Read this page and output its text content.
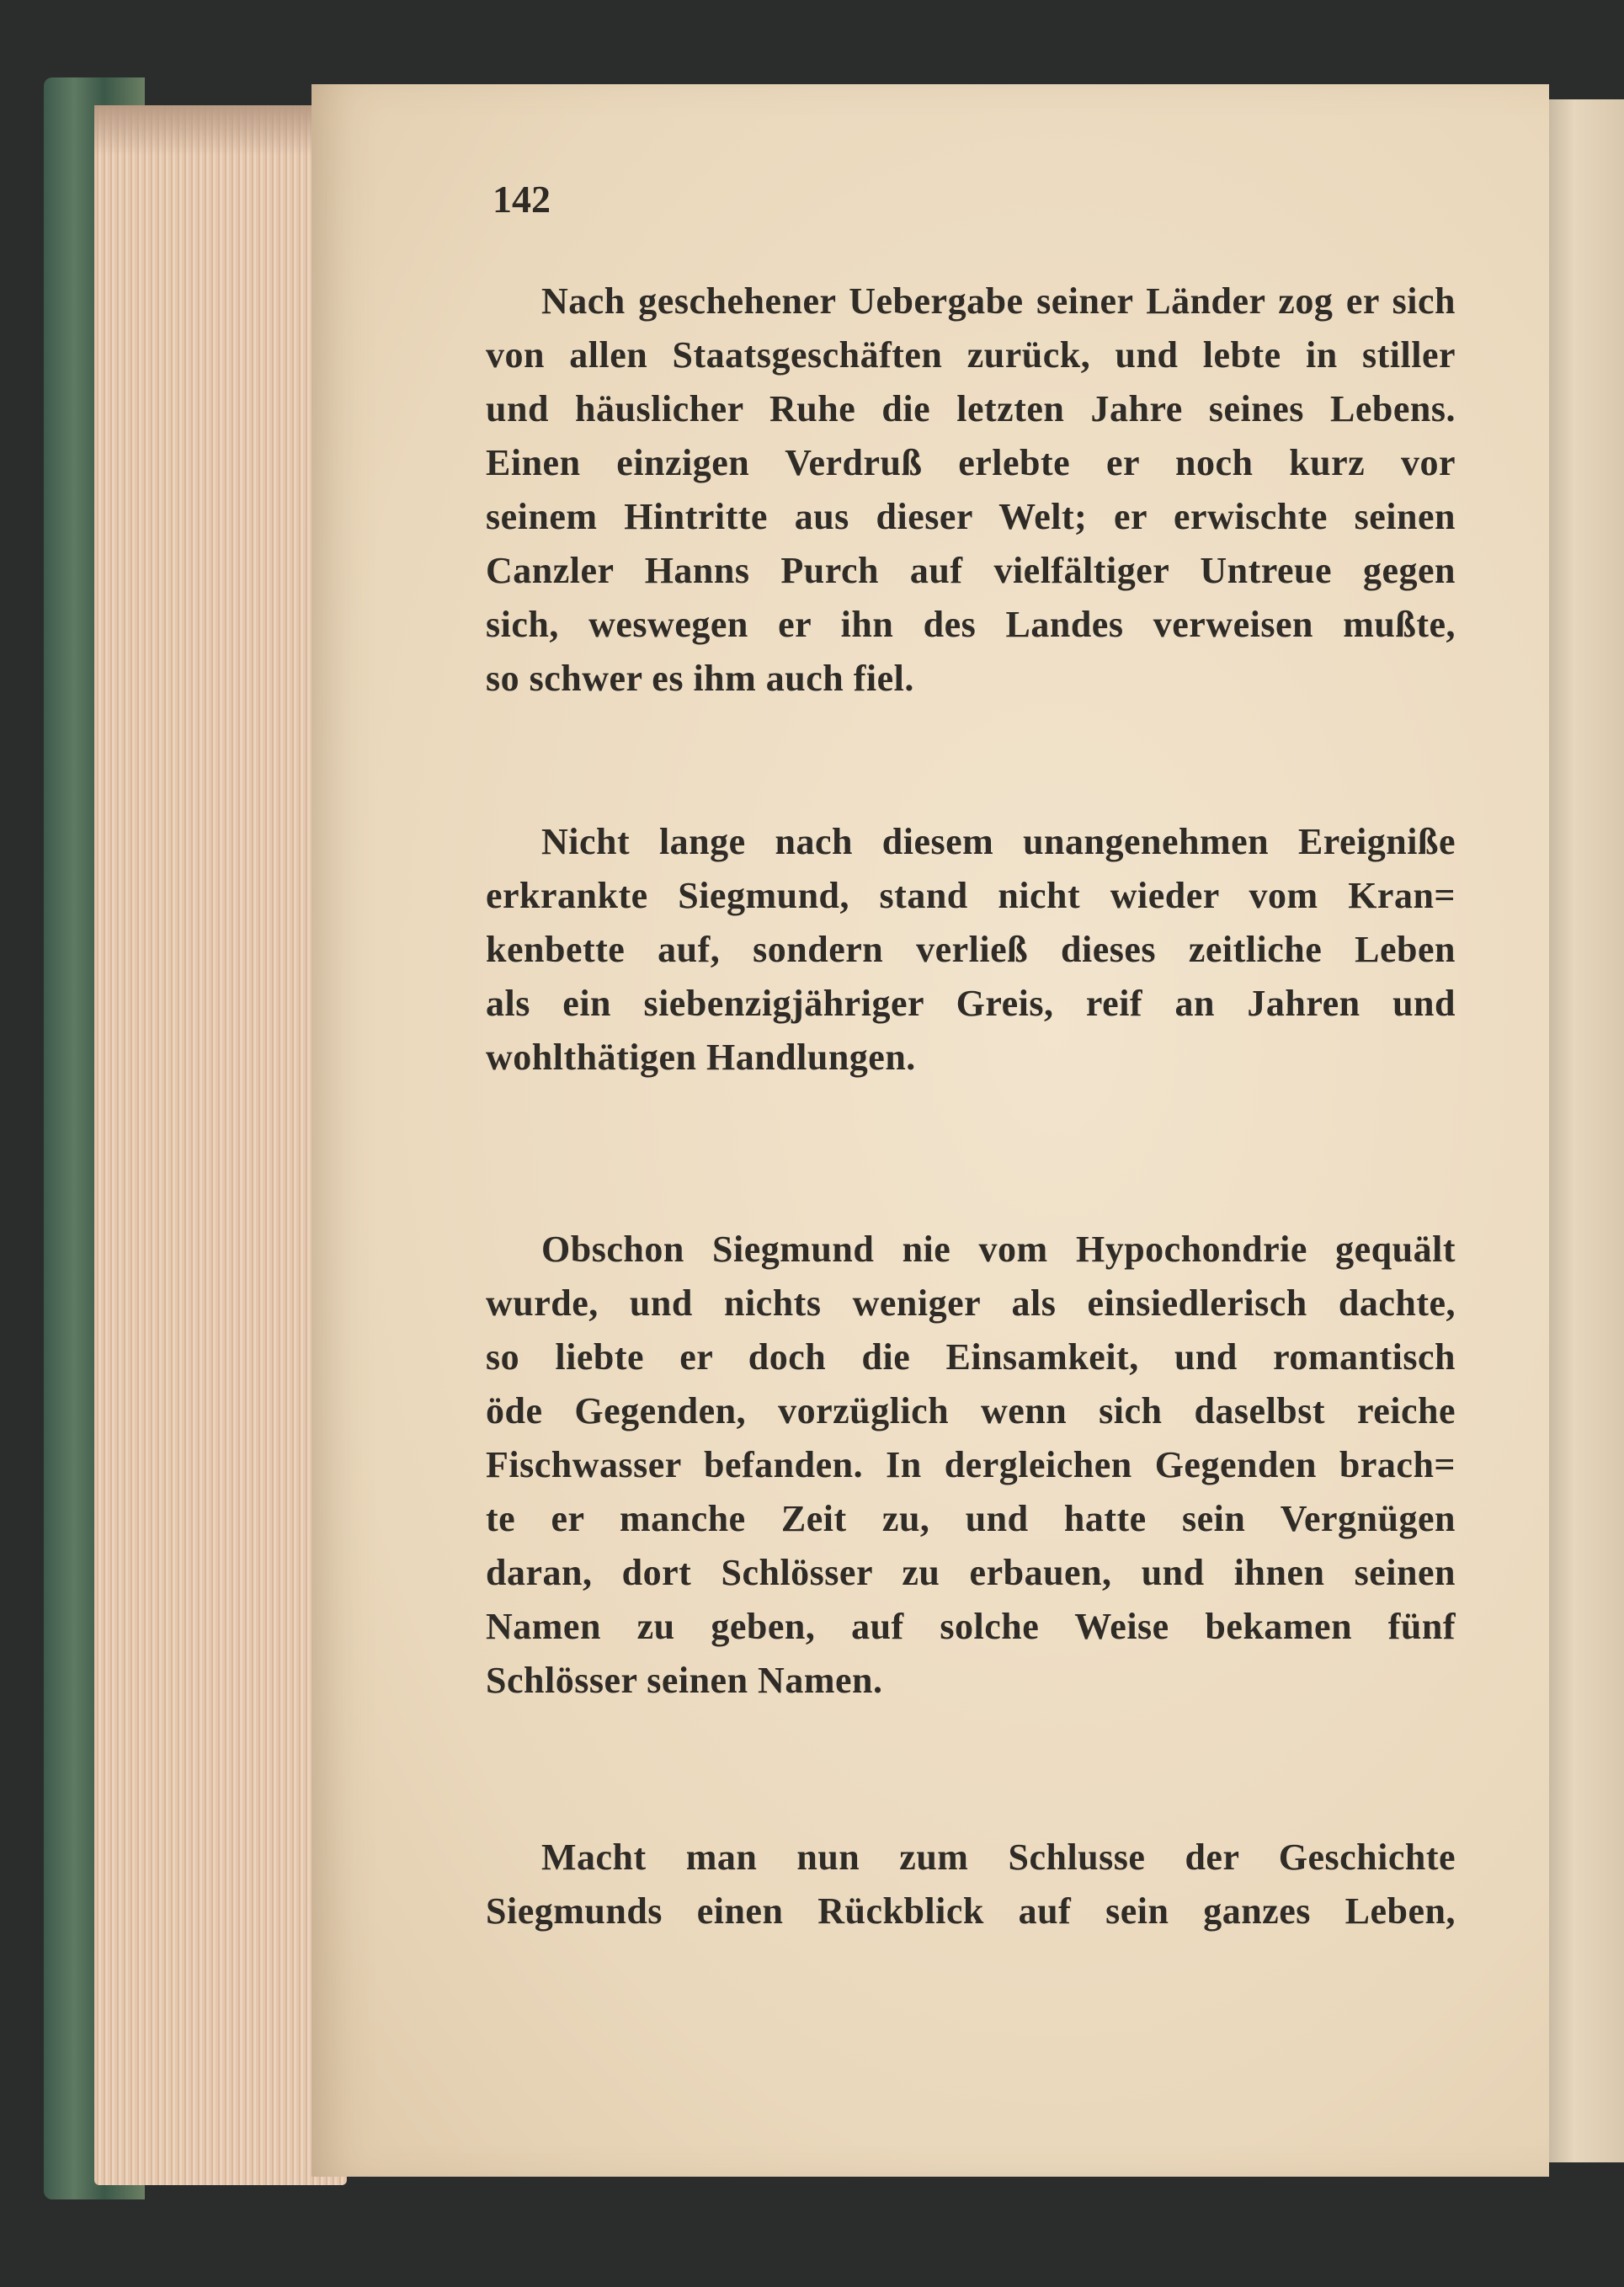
142
Nach geschehener Uebergabe seiner Länder zog er sich
von allen Staatsgeschäften zurück, und lebte in stiller
und häuslicher Ruhe die letzten Jahre seines Lebens.
Einen einzigen Verdruß erlebte er noch kurz vor
seinem Hintritte aus dieser Welt; er erwischte seinen
Canzler Hanns Purch auf vielfältiger Untreue gegen
sich, weswegen er ihn des Landes verweisen mußte,
so schwer es ihm auch fiel.
Nicht lange nach diesem unangenehmen Ereigniße
erkrankte Siegmund, stand nicht wieder vom Kran=
kenbette auf, sondern verließ dieses zeitliche Leben
als ein siebenzigjähriger Greis, reif an Jahren und
wohlthätigen Handlungen.
Obschon Siegmund nie vom Hypochondrie gequält
wurde, und nichts weniger als einsiedlerisch dachte,
so liebte er doch die Einsamkeit, und romantisch
öde Gegenden, vorzüglich wenn sich daselbst reiche
Fischwasser befanden. In dergleichen Gegenden brach=
te er manche Zeit zu, und hatte sein Vergnügen
daran, dort Schlösser zu erbauen, und ihnen seinen
Namen zu geben, auf solche Weise bekamen fünf
Schlösser seinen Namen.
Macht man nun zum Schlusse der Geschichte
Siegmunds einen Rückblick auf sein ganzes Leben,
